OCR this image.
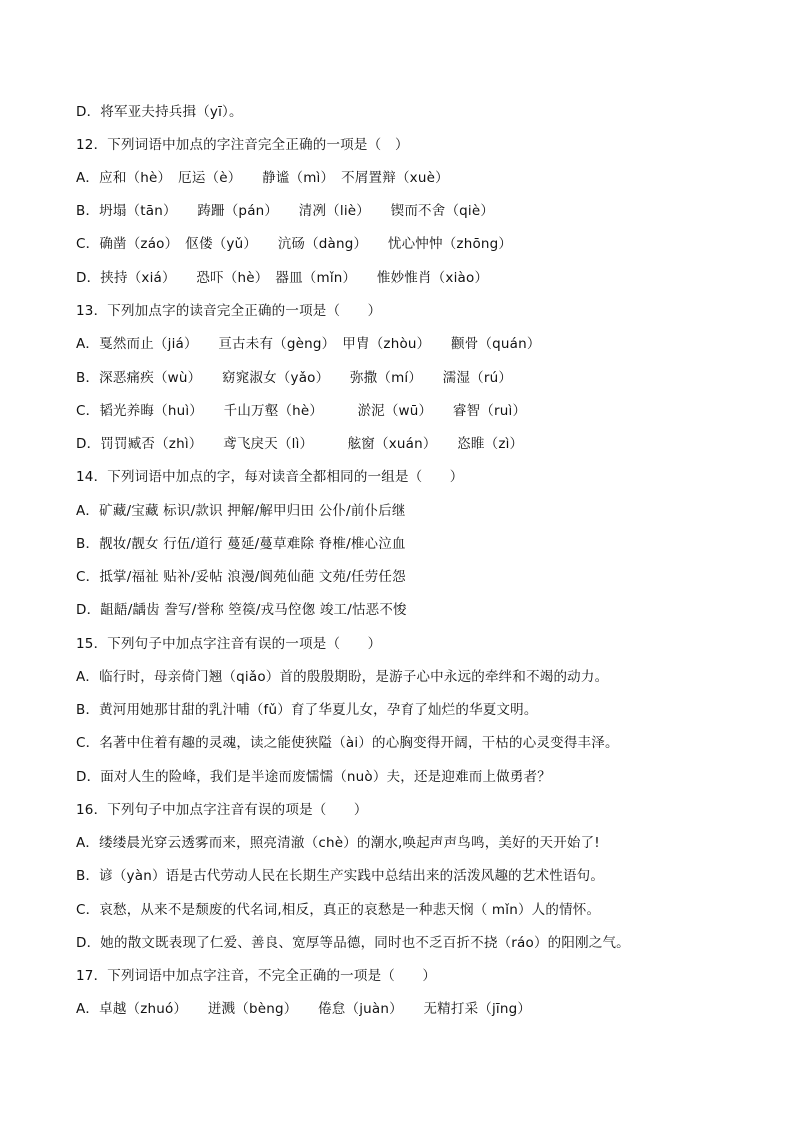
D．将军亚夫持兵揖（yī）。
12．下列词语中加点的字注音完全正确的一项是（　）
A．应和（hè）　厄运（è）　　静谧（mì）　不屑置辩（xuè）
B．坍塌（tān）　　踌跚（pán）　　清冽（liè）　　锲而不舍（qiè）
C．确凿（záo）　伛偻（yǔ）　　沆砀（dàng）　　忧心忡忡（zhōng）
D．挟持（xiá）　　恐吓（hè）　器皿（mǐn）　　惟妙惟肖（xiào）
13．下列加点字的读音完全正确的一项是（　　）
A．戛然而止（jiá）　　亘古未有（gèng）　甲胄（zhòu）　　颧骨（quán）
B．深恶痛疾（wù）　　窈窕淑女（yǎo）　　弥撒（mí）　　濡湿（rú）
C．韬光养晦（huì）　　千山万壑（hè）　　　淤泥（wū）　　睿智（ruì）
D．罚罚臧否（zhì）　　鸢飞戾天（lì）　　　舷窗（xuán）　　恣睢（zì）
14．下列词语中加点的字，每对读音全都相同的一组是（　　）
A．矿藏/宝藏 标识/款识 押解/解甲归田 公仆/前仆后继
B．靓妆/靓女 行伍/道行 蔓延/蔓草难除 脊椎/椎心泣血
C．抵掌/福祉 贴补/妥帖 浪漫/阆苑仙葩 文苑/任劳任怨
D．龃龉/龋齿 誊写/誉称 箜篌/戎马倥偬 竣工/怙恶不悛
15．下列句子中加点字注音有误的一项是（　　）
A．临行时，母亲倚门翘（qiǎo）首的殷殷期盼，是游子心中永远的牵绊和不竭的动力。
B．黄河用她那甘甜的乳汁哺（fǔ）育了华夏儿女，孕育了灿烂的华夏文明。
C．名著中住着有趣的灵魂，读之能使狭隘（ài）的心胸变得开阔，干枯的心灵变得丰泽。
D．面对人生的险峰，我们是半途而废懦懦（nuò）夫，还是迎难而上做勇者？
16．下列句子中加点字注音有误的项是（　　）
A．缕缕晨光穿云透雾而来，照亮清澈（chè）的潮水,唤起声声鸟鸣，美好的天开始了!
B．谚（yàn）语是古代劳动人民在长期生产实践中总结出来的活泼风趣的艺术性语句。
C．哀愁，从来不是颓废的代名词,相反，真正的哀愁是一种悲天悯（ mǐn）人的情怀。
D．她的散文既表现了仁爱、善良、宽厚等品德，同时也不乏百折不挠（ráo）的阳刚之气。
17．下列词语中加点字注音，不完全正确的一项是（　　）
A．卓越（zhuó）　　迸溅（bèng）　　倦怠（juàn）　　无精打采（jīng）
